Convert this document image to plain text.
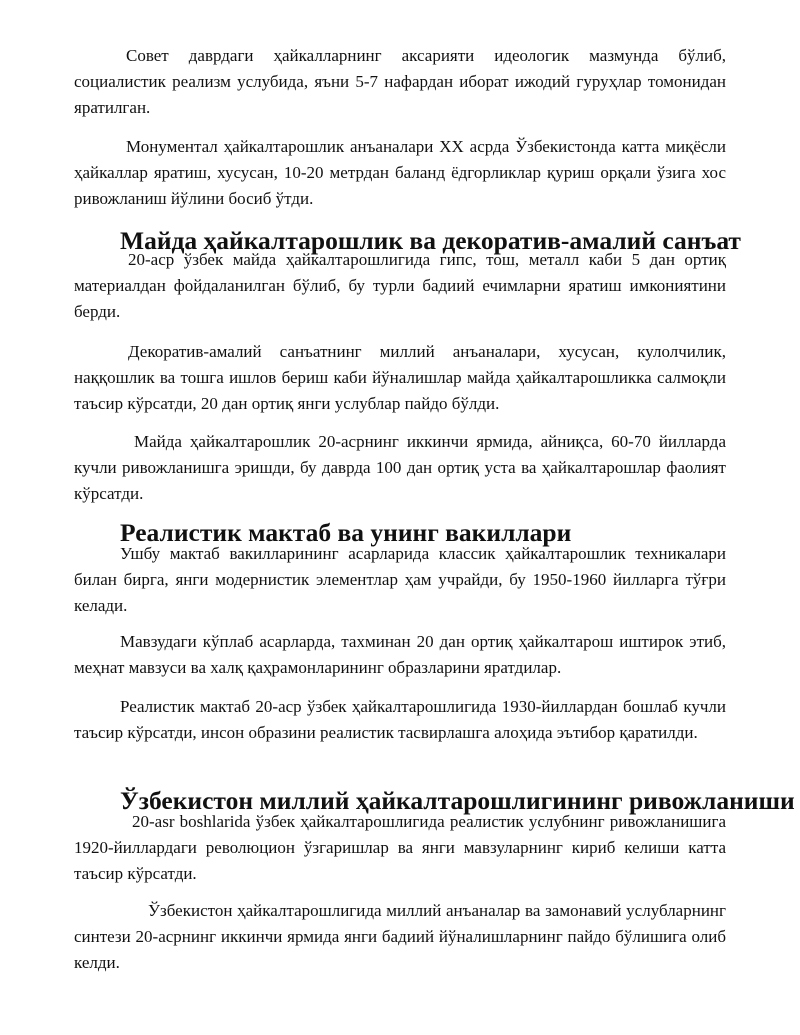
Совет даврдаги ҳайкалларнинг аксарияти идеологик мазмунда бўлиб, социалистик реализм услубида, яъни 5-7 нафардан иборат ижодий гуруҳлар томонидан яратилган.

Монументал ҳайкалтарошлик анъаналари XX асрда Ўзбекистонда катта миқёсли ҳайкаллар яратиш, хусусан, 10-20 метрдан баланд ёдгорликлар қуриш орқали ўзига хос ривожланиш йўлини босиб ўтди.

Майда ҳайкалтарошлик ва декоратив-амалий санъат

20-аср ўзбек майда ҳайкалтарошлигида гипс, тош, металл каби 5 дан ортиқ материалдан фойдаланилган бўлиб, бу турли бадиий ечимларни яратиш имкониятини берди.

Декоратив-амалий санъатнинг миллий анъаналари, хусусан, кулолчилик, наққошлик ва тошга ишлов бериш каби йўналишлар майда ҳайкалтарошликка салмоқли таъсир кўрсатди, 20 дан ортиқ янги услублар пайдо бўлди.

Майда ҳайкалтарошлик 20-асрнинг иккинчи ярмида, айниқса, 60-70 йилларда кучли ривожланишга эришди, бу даврда 100 дан ортиқ уста ва ҳайкалтарошлар фаолият кўрсатди.

Реалистик мактаб ва унинг вакиллари

Ушбу мактаб вакилларининг асарларида классик ҳайкалтарошлик техникалари билан бирга, янги модернистик элементлар ҳам учрайди, бу 1950-1960 йилларга тўғри келади.

Мавзудаги кўплаб асарларда, тахминан 20 дан ортиқ ҳайкалтарош иштирок этиб, меҳнат мавзуси ва халқ қаҳрамонларининг образларини яратдилар.

Реалистик мактаб 20-аср ўзбек ҳайкалтарошлигида 1930-йиллардан бошлаб кучли таъсир кўрсатди, инсон образини реалистик тасвирлашга алоҳида эътибор қаратилди.

Ўзбекистон миллий ҳайкалтарошлигининг ривожланиши

20-asr boshlarida ўзбек ҳайкалтарошлигида реалистик услубнинг ривожланишига 1920-йиллардаги революцион ўзгаришлар ва янги мавзуларнинг кириб келиши катта таъсир кўрсатди.

Ўзбекистон ҳайкалтарошлигида миллий анъаналар ва замонавий услубларнинг синтези 20-асрнинг иккинчи ярмида янги бадиий йўналишларнинг пайдо бўлишига олиб келди.
